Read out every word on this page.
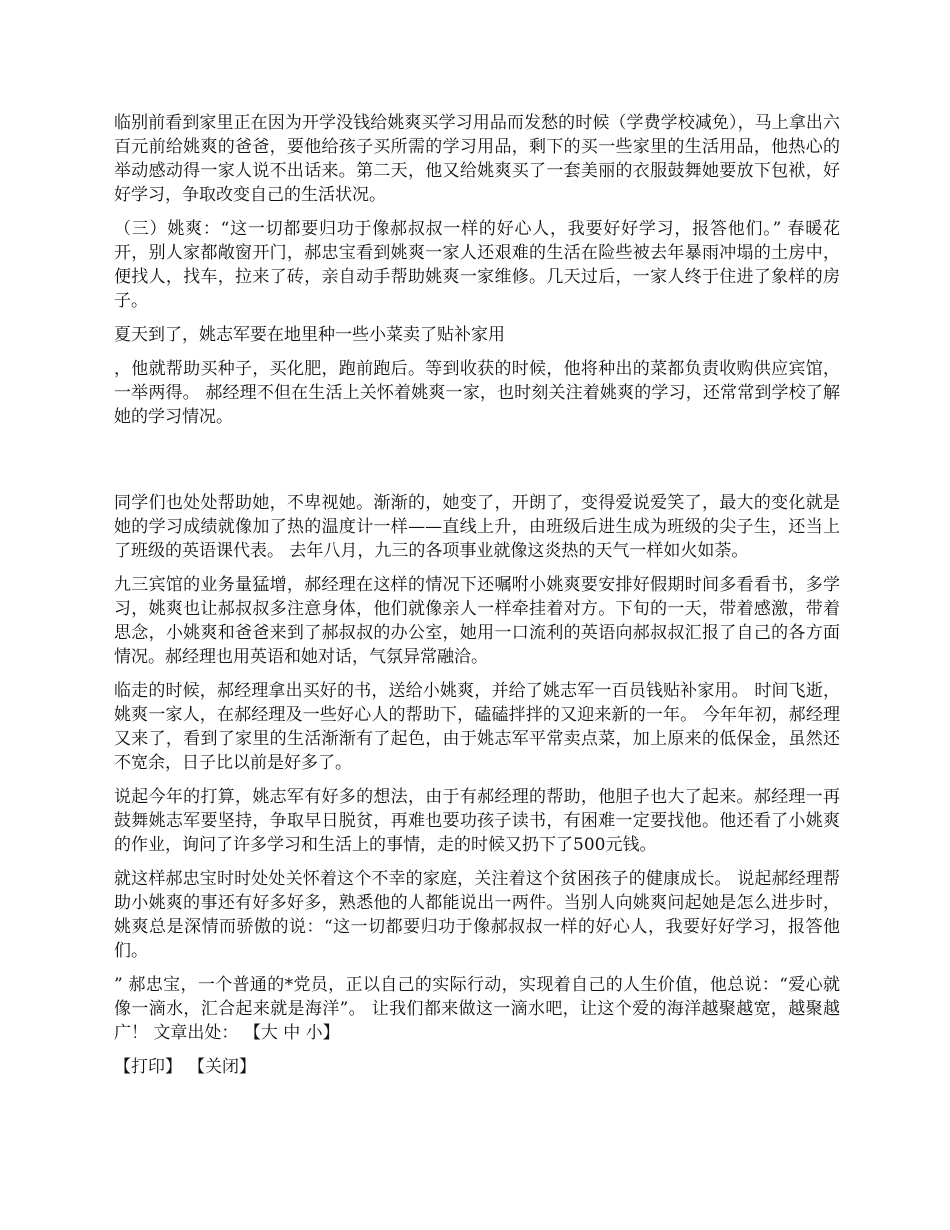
临别前看到家里正在因为开学没钱给姚爽买学习用品而发愁的时候（学费学校减免），马上拿出六百元前给姚爽的爸爸，要他给孩子买所需的学习用品，剩下的买一些家里的生活用品，他热心的举动感动得一家人说不出话来。第二天，他又给姚爽买了一套美丽的衣服鼓舞她要放下包袱，好好学习，争取改变自己的生活状况。

（三）姚爽：“这一切都要归功于像郝叔叔一样的好心人，我要好好学习，报答他们。” 春暖花开，别人家都敞窗开门，郝忠宝看到姚爽一家人还艰难的生活在险些被去年暴雨冲塌的土房中，便找人，找车，拉来了砖，亲自动手帮助姚爽一家维修。几天过后，一家人终于住进了象样的房子。

夏天到了，姚志军要在地里种一些小菜卖了贴补家用

，他就帮助买种子，买化肥，跑前跑后。等到收获的时候，他将种出的菜都负责收购供应宾馆，一举两得。 郝经理不但在生活上关怀着姚爽一家，也时刻关注着姚爽的学习，还常常到学校了解她的学习情况。

同学们也处处帮助她，不卑视她。渐渐的，她变了，开朗了，变得爱说爱笑了，最大的变化就是她的学习成绩就像加了热的温度计一样——直线上升，由班级后进生成为班级的尖子生，还当上了班级的英语课代表。 去年八月，九三的各项事业就像这炎热的天气一样如火如荼。

九三宾馆的业务量猛增，郝经理在这样的情况下还嘱咐小姚爽要安排好假期时间多看看书，多学习，姚爽也让郝叔叔多注意身体，他们就像亲人一样牵挂着对方。下旬的一天，带着感激，带着思念，小姚爽和爸爸来到了郝叔叔的办公室，她用一口流利的英语向郝叔叔汇报了自己的各方面情况。郝经理也用英语和她对话，气氛异常融洽。

临走的时候，郝经理拿出买好的书，送给小姚爽，并给了姚志军一百员钱贴补家用。 时间飞逝，姚爽一家人，在郝经理及一些好心人的帮助下，磕磕拌拌的又迎来新的一年。 今年年初，郝经理又来了，看到了家里的生活渐渐有了起色，由于姚志军平常卖点菜，加上原来的低保金，虽然还不宽余，日子比以前是好多了。

说起今年的打算，姚志军有好多的想法，由于有郝经理的帮助，他胆子也大了起来。郝经理一再鼓舞姚志军要坚持，争取早日脱贫，再难也要功孩子读书，有困难一定要找他。他还看了小姚爽的作业，询问了许多学习和生活上的事情，走的时候又扔下了500元钱。

就这样郝忠宝时时处处关怀着这个不幸的家庭，关注着这个贫困孩子的健康成长。 说起郝经理帮助小姚爽的事还有好多好多，熟悉他的人都能说出一两件。当别人向姚爽问起她是怎么进步时，姚爽总是深情而骄傲的说：“这一切都要归功于像郝叔叔一样的好心人，我要好好学习，报答他们。

” 郝忠宝，一个普通的*党员，正以自己的实际行动，实现着自己的人生价值，他总说：“爱心就像一滴水，汇合起来就是海洋”。 让我们都来做这一滴水吧，让这个爱的海洋越聚越宽，越聚越广！ 文章出处： 【大 中 小】

【打印】 【关闭】
